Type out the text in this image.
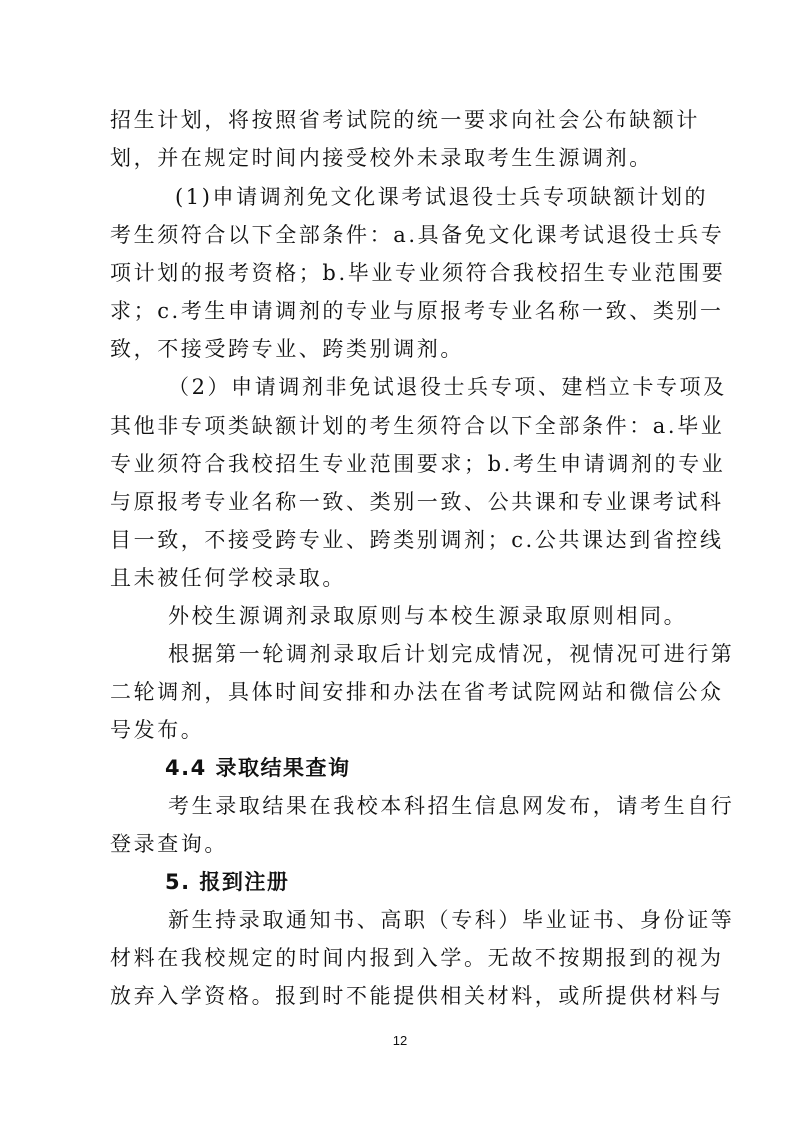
招生计划，将按照省考试院的统一要求向社会公布缺额计
划，并在规定时间内接受校外未录取考生生源调剂。
(1)申请调剂免文化课考试退役士兵专项缺额计划的
考生须符合以下全部条件：a.具备免文化课考试退役士兵专
项计划的报考资格；b.毕业专业须符合我校招生专业范围要
求；c.考生申请调剂的专业与原报考专业名称一致、类别一
致，不接受跨专业、跨类别调剂。
（2）申请调剂非免试退役士兵专项、建档立卡专项及
其他非专项类缺额计划的考生须符合以下全部条件：a.毕业
专业须符合我校招生专业范围要求；b.考生申请调剂的专业
与原报考专业名称一致、类别一致、公共课和专业课考试科
目一致，不接受跨专业、跨类别调剂；c.公共课达到省控线
且未被任何学校录取。
外校生源调剂录取原则与本校生源录取原则相同。
根据第一轮调剂录取后计划完成情况，视情况可进行第
二轮调剂，具体时间安排和办法在省考试院网站和微信公众
号发布。
4.4 录取结果查询
考生录取结果在我校本科招生信息网发布，请考生自行
登录查询。
5. 报到注册
新生持录取通知书、高职（专科）毕业证书、身份证等
材料在我校规定的时间内报到入学。无故不按期报到的视为
放弃入学资格。报到时不能提供相关材料，或所提供材料与
12
